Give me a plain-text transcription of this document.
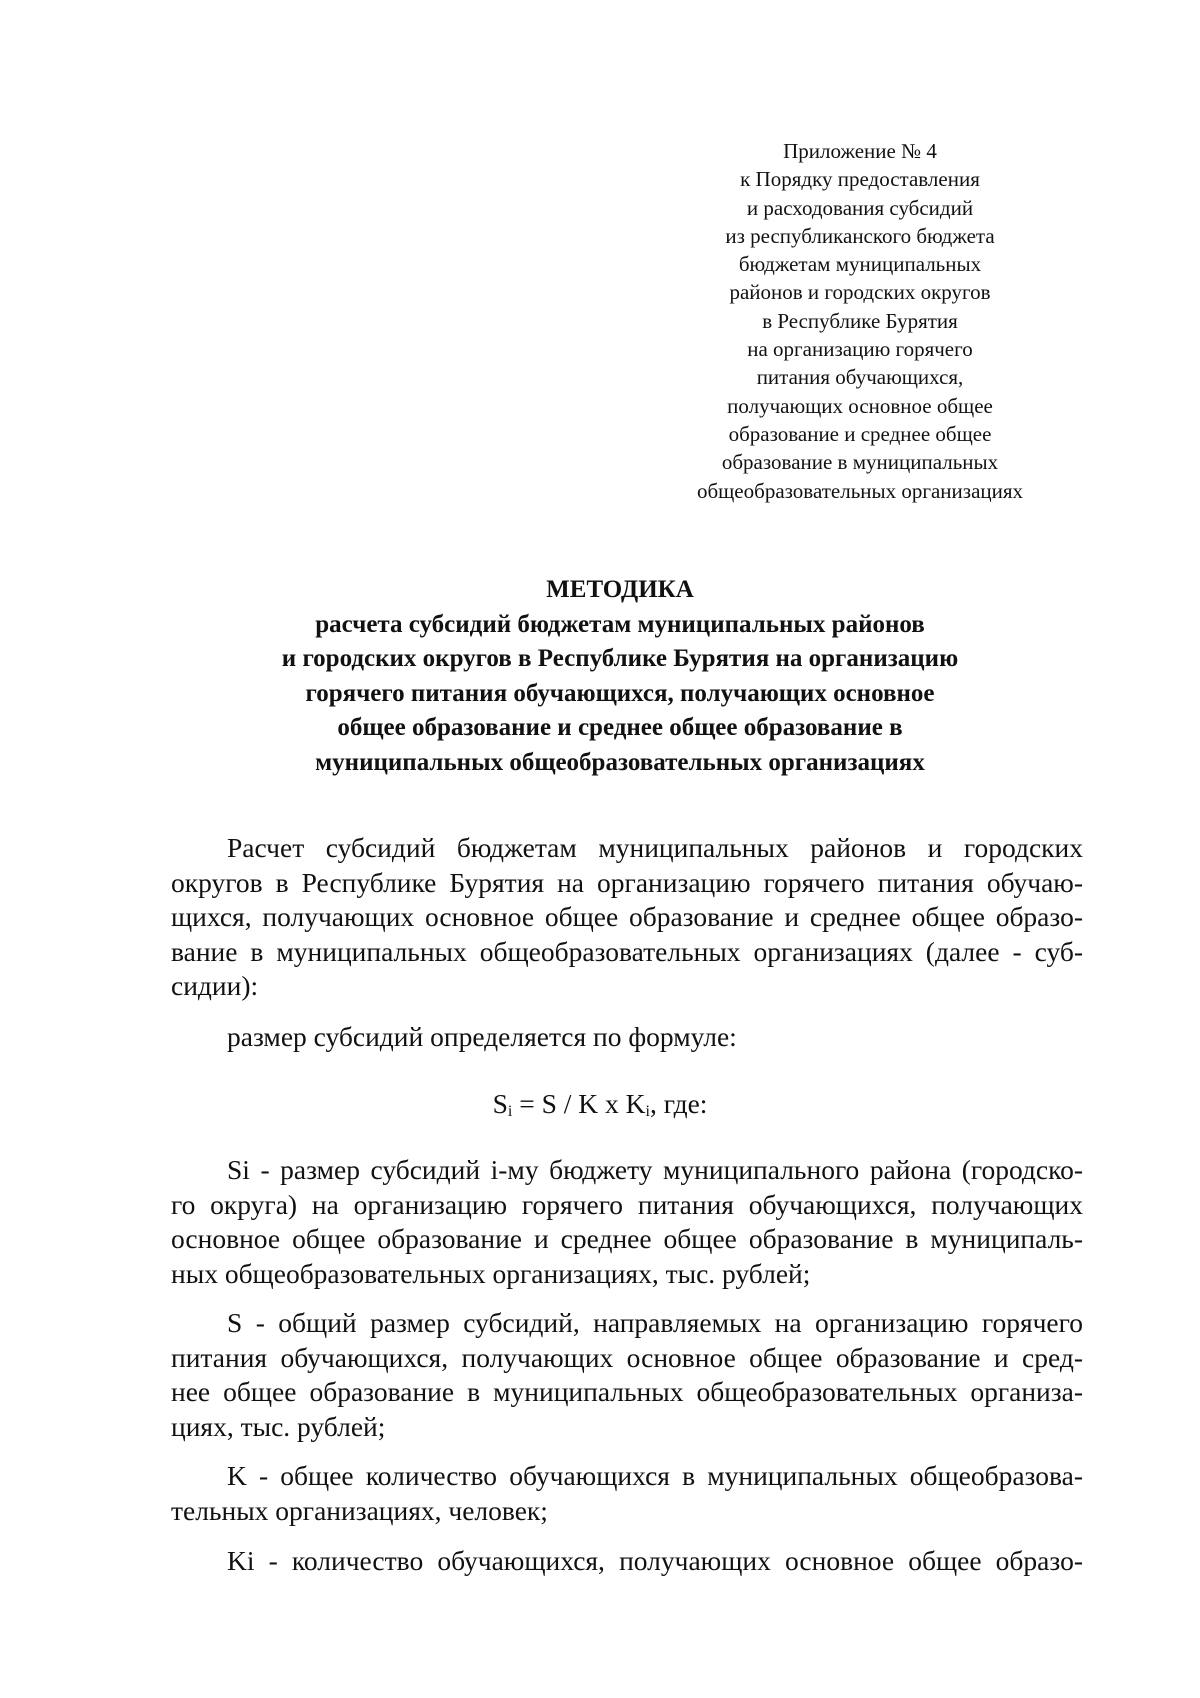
Приложение № 4
к Порядку предоставления
и расходования субсидий
из республиканского бюджета
бюджетам муниципальных
районов и городских округов
в Республике Бурятия
на организацию горячего
питания обучающихся,
получающих основное общее
образование и среднее общее
образование в муниципальных
общеобразовательных организациях
МЕТОДИКА
расчета субсидий бюджетам муниципальных районов
и городских округов в Республике Бурятия на организацию
горячего питания обучающихся, получающих основное
общее образование и среднее общее образование в
муниципальных общеобразовательных организациях
Расчет субсидий бюджетам муниципальных районов и городских
округов в Республике Бурятия на организацию горячего питания обучаю-
щихся, получающих основное общее образование и среднее общее образо-
вание в муниципальных общеобразовательных организациях (далее - суб-
сидии):
размер субсидий определяется по формуле:
$S_i = S / K$ x $K_i$, где:
Si - размер субсидий i-му бюджету муниципального района (городско-
го округа) на организацию горячего питания обучающихся, получающих
основное общее образование и среднее общее образование в муниципаль-
ных общеобразовательных организациях, тыс. рублей;
S - общий размер субсидий, направляемых на организацию горячего
питания обучающихся, получающих основное общее образование и сред-
нее общее образование в муниципальных общеобразовательных организа-
циях, тыс. рублей;
K - общее количество обучающихся в муниципальных общеобразова-
тельных организациях, человек;
Ki - количество обучающихся, получающих основное общее образо-
